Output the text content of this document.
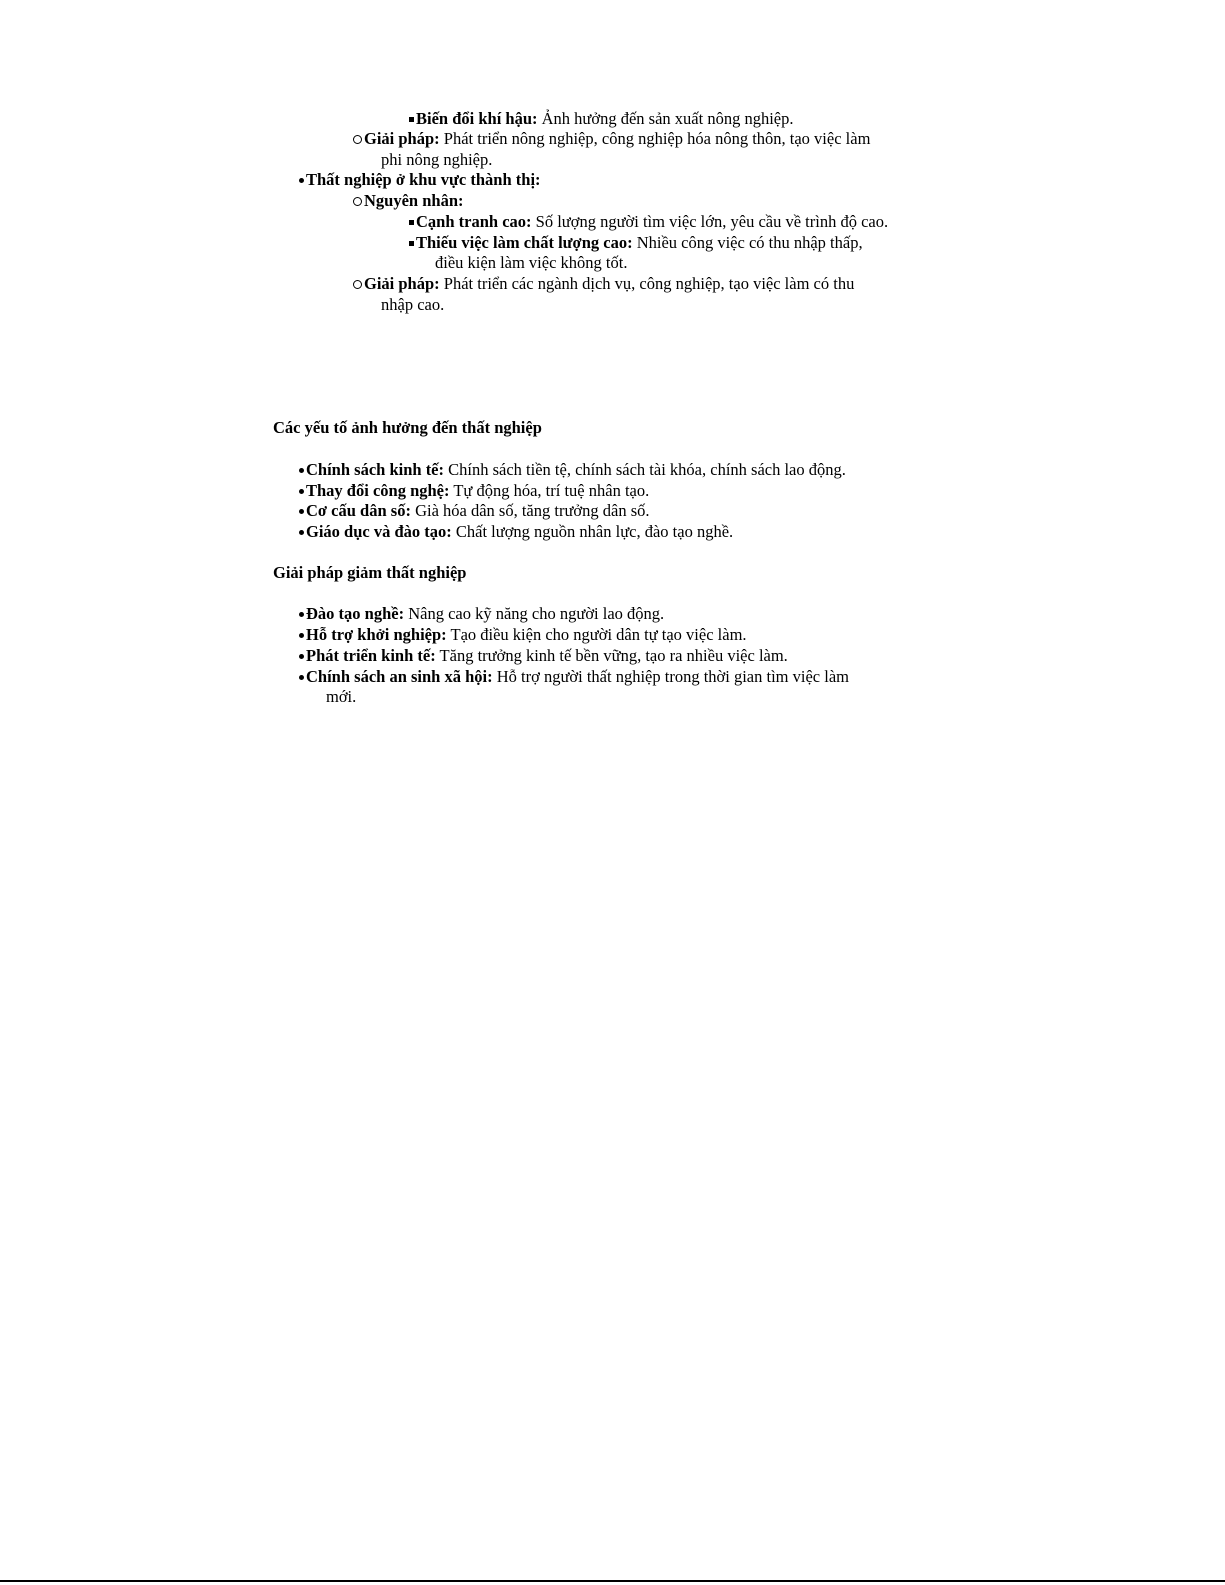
Biến đổi khí hậu: Ảnh hưởng đến sản xuất nông nghiệp.
Giải pháp: Phát triển nông nghiệp, công nghiệp hóa nông thôn, tạo việc làm
phi nông nghiệp.
Thất nghiệp ở khu vực thành thị:
Nguyên nhân:
Cạnh tranh cao: Số lượng người tìm việc lớn, yêu cầu về trình độ cao.
Thiếu việc làm chất lượng cao: Nhiều công việc có thu nhập thấp,
điều kiện làm việc không tốt.
Giải pháp: Phát triển các ngành dịch vụ, công nghiệp, tạo việc làm có thu
nhập cao.
Các yếu tố ảnh hưởng đến thất nghiệp
Chính sách kinh tế: Chính sách tiền tệ, chính sách tài khóa, chính sách lao động.
Thay đổi công nghệ: Tự động hóa, trí tuệ nhân tạo.
Cơ cấu dân số: Già hóa dân số, tăng trưởng dân số.
Giáo dục và đào tạo: Chất lượng nguồn nhân lực, đào tạo nghề.
Giải pháp giảm thất nghiệp
Đào tạo nghề: Nâng cao kỹ năng cho người lao động.
Hỗ trợ khởi nghiệp: Tạo điều kiện cho người dân tự tạo việc làm.
Phát triển kinh tế: Tăng trưởng kinh tế bền vững, tạo ra nhiều việc làm.
Chính sách an sinh xã hội: Hỗ trợ người thất nghiệp trong thời gian tìm việc làm
mới.
